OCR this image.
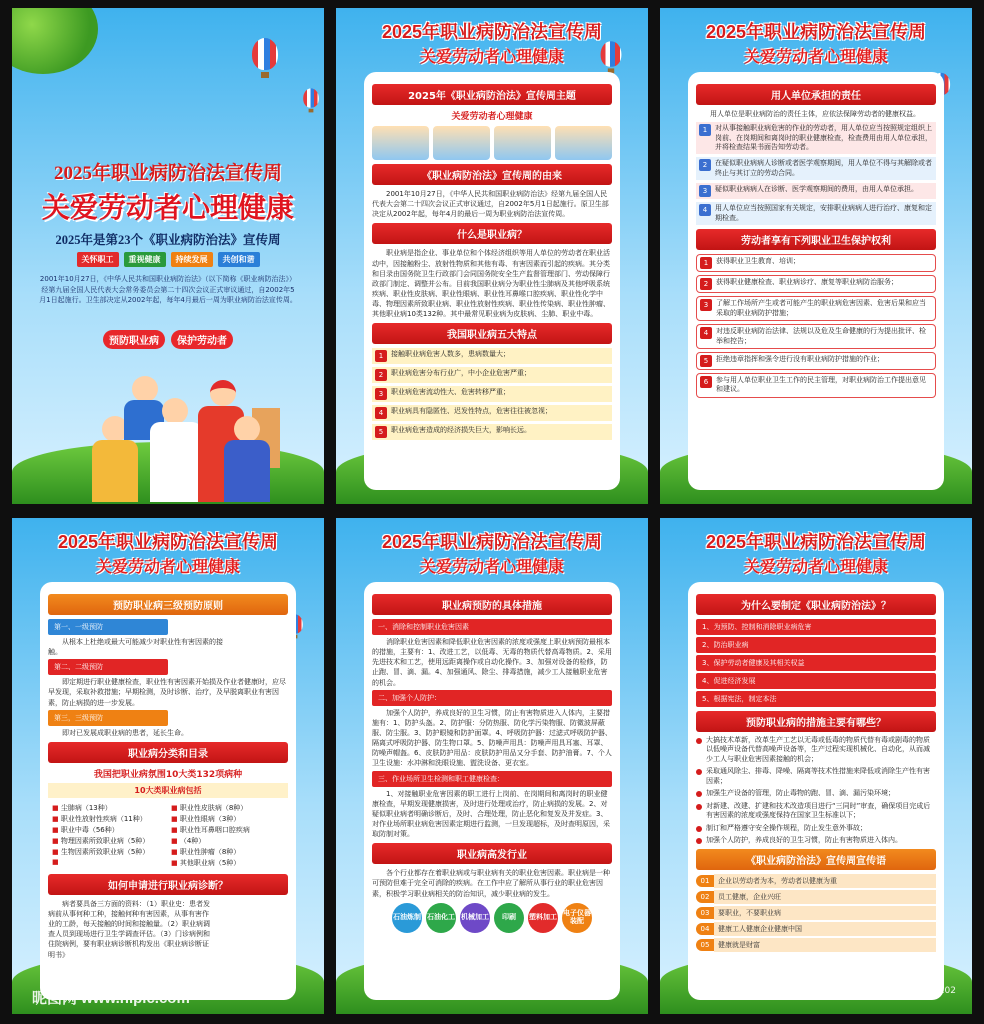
2025年职业病防治法宣传周
关爱劳动者心理健康
2025年是第23个《职业病防治法》宣传周
关怀职工	重视健康	持续发展	共创和谐
2001年10月27日，《中华人民共和国职业病防治法》（以下简称《职业病防治法》）经第九届全国人民代表大会常务委员会第二十四次会议正式审议通过，自2002年5月1日起施行。卫生部决定从2002年起，每年4月最后一周为职业病防治法宣传周。
预防职业病	保护劳动者
2025年职业病防治法宣传周
关爱劳动者心理健康
2025年《职业病防治法》宣传周主题
关爱劳动者心理健康
《职业病防治法》宣传周的由来
2001年10月27日，《中华人民共和国职业病防治法》经第九届全国人民代表大会第二十四次会议正式审议通过，自2002年5月1日起施行。原卫生部决定从2002年起，每年4月的最后一周为职业病防治法宣传周。
什么是职业病？
职业病是指企业、事业单位和个体经济组织等用人单位的劳动者在职业活动中，因接触粉尘、放射性物质和其他有毒、有害因素而引起的疾病。其分类和目录由国务院卫生行政部门会同国务院安全生产监督管理部门、劳动保障行政部门制定、调整并公布。目前我国职业病分为职业性尘肺病及其他呼吸系统疾病、职业性皮肤病、职业性眼病、职业性耳鼻喉口腔疾病、职业性化学中毒、物理因素所致职业病、职业性放射性疾病、职业性传染病、职业性肿瘤、其他职业病10类132种。其中最常见职业病为皮肤病、尘肺、职业中毒。
我国职业病五大特点
1	接触职业病危害人数多，患病数量大；
2	职业病危害分布行业广，中小企业危害严重；
3	职业病危害流动性大、危害转移严重；
4	职业病具有隐匿性、迟发性特点，危害往往被忽视；
5	职业病危害造成的经济损失巨大，影响长远。
2025年职业病防治法宣传周
关爱劳动者心理健康
用人单位承担的责任
用人单位是职业病防治的责任主体，应依法保障劳动者的健康权益。
1	对从事接触职业病危害的作业的劳动者，用人单位应当按照规定组织上岗前、在岗期间和离岗时的职业健康检查，检查费用由用人单位承担，并将检查结果书面告知劳动者。
2	在疑似职业病病人诊断或者医学观察期间，用人单位不得与其解除或者终止与其订立的劳动合同。
3	疑似职业病病人在诊断、医学观察期间的费用，由用人单位承担。
4	用人单位应当按照国家有关规定，安排职业病病人进行治疗、康复和定期检查。
劳动者享有下列职业卫生保护权利
1	获得职业卫生教育、培训；
2	获得职业健康检查、职业病诊疗、康复等职业病防治服务；
3	了解工作场所产生或者可能产生的职业病危害因素、危害后果和应当采取的职业病防护措施；
4	对违反职业病防治法律、法规以及危及生命健康的行为提出批评、检举和控告；
5	拒绝违章指挥和强令进行没有职业病防护措施的作业；
6	参与用人单位职业卫生工作的民主管理，对职业病防治工作提出意见和建议。
2025年职业病防治法宣传周
关爱劳动者心理健康
预防职业病三级预防原则
第一、一级预防
从根本上杜绝或最大可能减少对职业性有害因素的接触。
第二、二级预防
即定期进行职业健康检查，职业性有害因素开始损及作业者健康时，应尽早发现，采取补救措施；早期检测，及时诊断、治疗，及早脱离职业有害因素，防止病损的进一步发展。
第三，三级预防
即对已发展成职业病的患者，延长生命。
职业病分类和目录
我国把职业病氛围10大类132项病种
10大类职业病包括
■ 尘肺病（13种）	■ 职业性皮肤病（8种）
■ 职业性放射性疾病（11种）	■ 职业性眼病（3种）
■ 职业中毒（56种）	■ 职业性耳鼻咽口腔疾病
■ 物理因素所致职业病（5种）	■ （4种）
■ 生物因素所致职业病（5种）	■ 职业性肿瘤（8种）
■
■ 其他职业病（5种）
如何申请进行职业病诊断？
病者要具备三方面的资料：（1）职业史：患者发病前从事何种工种，接触何种有害因素，从事有害作业的工龄，每天接触的时间和接触量。（2）职业病调查人员到现场进行卫生学调查评估。（3）门诊病例和住院病例，要有职业病诊断机构发出《职业病诊断证明书》
昵图网 www.nipic.com
2025年职业病防治法宣传周
关爱劳动者心理健康
职业病预防的具体措施
一、消除和控制职业危害因素
消除职业危害因素和降低职业危害因素的浓度或强度上职业病预防最根本的措施，主要有：1、改进工艺，以低毒、无毒的物质代替高毒物质。2、采用先进技术和工艺，使用远距离操作或自动化操作。3、加强对设备的检修，防止跑、冒、滴、漏。4、加强通风、除尘、排毒措施，减少工人接触职业危害的机会。
二、加强个人防护：
加强个人防护，养成良好的卫生习惯，防止有害物质进入人体内，主要措施有：1、防护头盔。2、防护服：分防热服、防化学污染物服、防微波屏蔽服、防尘服。3、防护眼镜和防护面罩。4、呼吸防护器：过滤式呼吸防护器、隔离式呼吸防护器、防生物口罩。5、防噪声用具：防噪声用具耳塞、耳罩、防噪声帽盔。6、皮肤防护用品：皮肤防护用品又分手套、防护油膏。7、个人卫生设施：水冲淋和洗眼设施、盥洗设备、更衣室。
三、作业场所卫生检测和职工健康检查：
1、对接触职业危害因素的职工进行上岗前、在岗期间和离岗时的职业健康检查，早期发现健康损害，及时进行处理或治疗，防止病损的发展。2、对疑似职业病者明确诊断后，及时、合理处理，防止恶化和复发及并发症。3、对作业场所职业病危害因素定期进行监测，一旦发现超标，及时查明原因，采取防制对策。
职业病高发行业
各个行业都存在着职业病或与职业病有关的职业危害因素。职业病是一种可预防但难于完全可消除的疾病。在工作中应了解所从事行业的职业危害因素，积极学习职业病相关的防治知识，减少职业病的发生。
石油炼制 石油化工 机械加工	印刷	塑料加工 电子仪器装配
2025年职业病防治法宣传周
关爱劳动者心理健康
为什么要制定《职业病防治法》？
1、为预防、控制和消除职业病危害
2、防治职业病
3、保护劳动者健康及其相关权益
4、促进经济发展
5、根据宪法，制定本法
预防职业病的措施主要有哪些？
大搞技术革新，改革生产工艺以无毒或低毒的物质代替有毒或剧毒的物质以低噪声设备代替高噪声设备等，生产过程实现机械化、自动化，从而减少工人与职业危害因素接触的机会；
采取通风除尘、排毒、降噪、隔离等技术性措施来降低或消除生产性有害因素；
加强生产设备的管理，防止毒物的跑、冒、滴、漏污染环境；
对新建、改建、扩建和技术改造项目进行“三同时”审查，确保项目完成后有害因素的浓度或强度保持在国家卫生标准以下；
制订和严格遵守安全操作规程，防止发生意外事故；
加强个人防护，养成良好的卫生习惯，防止有害物质进入体内。
《职业病防治法》宣传周宣传语
01	企业以劳动者为本，劳动者以健康为重
02	员工健康，企业兴旺
03	要职业，不要职业病
04	健康工人健康企业健康中国
05	健康就是财富
ID:35222700 NO:20250419170905540102
